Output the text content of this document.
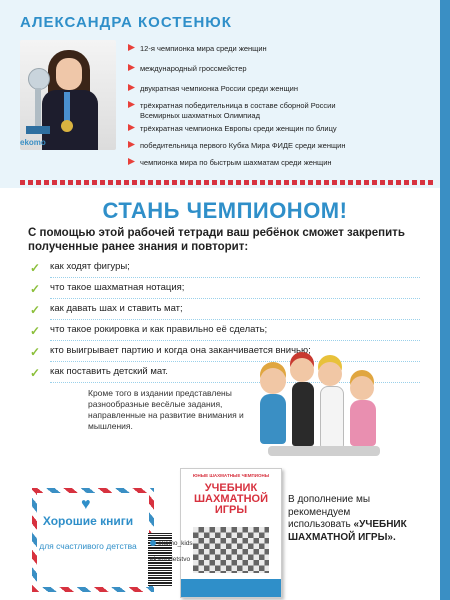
АЛЕКСАНДРА КОСТЕНЮК
ekomo
12-я чемпионка мира среди женщин
международный гроссмейстер
двукратная чемпионка России среди женщин
трёхкратная победительница в составе сборной России Всемирных шахматных Олимпиад
трёхкратная чемпионка Европы среди женщин по блицу
победительница первого Кубка Мира ФИДЕ среди женщин
чемпионка мира по быстрым шахматам среди женщин
СТАНЬ ЧЕМПИОНОМ!
С помощью этой рабочей тетради ваш ребёнок сможет закрепить полученные ранее знания и повторит:
✓ как ходят фигуры;
✓ что такое шахматная нотация;
✓ как давать шах и ставить мат;
✓ что такое рокировка и как правильно её сделать;
✓ кто выигрывает партию и когда она заканчивается вничью;
✓ как поставить детский мат.
Кроме того в издании представлены разнообразные весёлые задания, направленные на развитие внимания и мышления.
♥
Хорошие книги
для счастливого детства
ЮНЫЕ ШАХМАТНЫЕ ЧЕМПИОНЫ
УЧЕБНИК ШАХМАТНОЙ ИГРЫ
ekomo_kids
eksmodetstvo
В дополнение мы рекомендуем использовать «УЧЕБНИК ШАХМАТНОЙ ИГРЫ».
